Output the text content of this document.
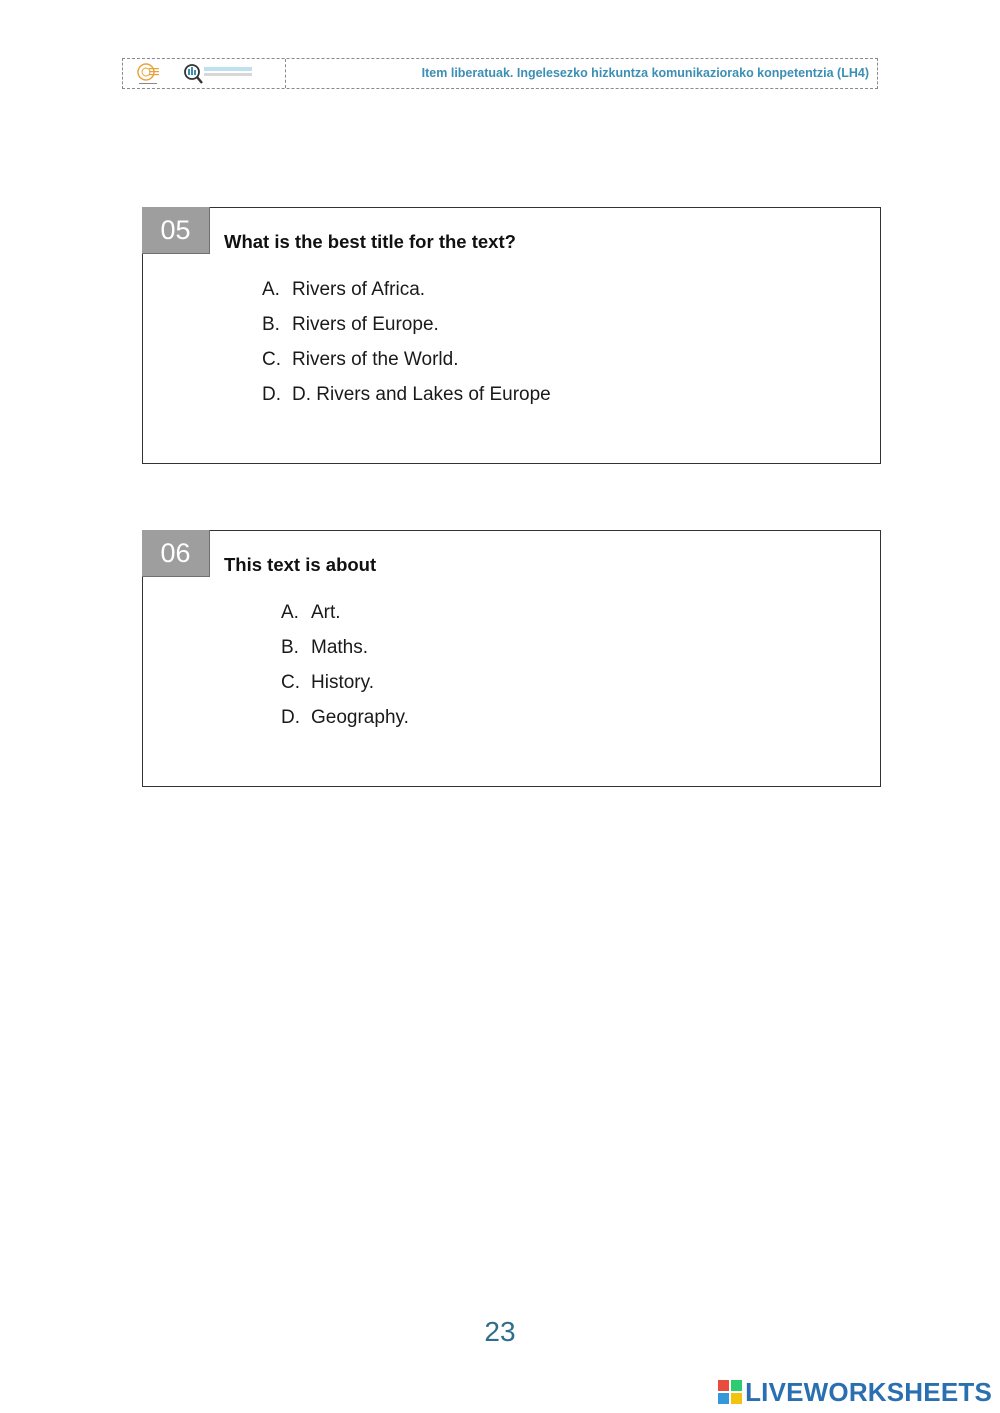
Item liberatuak. Ingelesezko hizkuntza komunikaziorako konpetentzia (LH4)
05	What is the best title for the text?
A. Rivers of Africa.
B. Rivers of Europe.
C. Rivers of the World.
D. D. Rivers and Lakes of Europe
06	This text is about
A. Art.
B. Maths.
C. History.
D. Geography.
23
LIVEWORKSHEETS
